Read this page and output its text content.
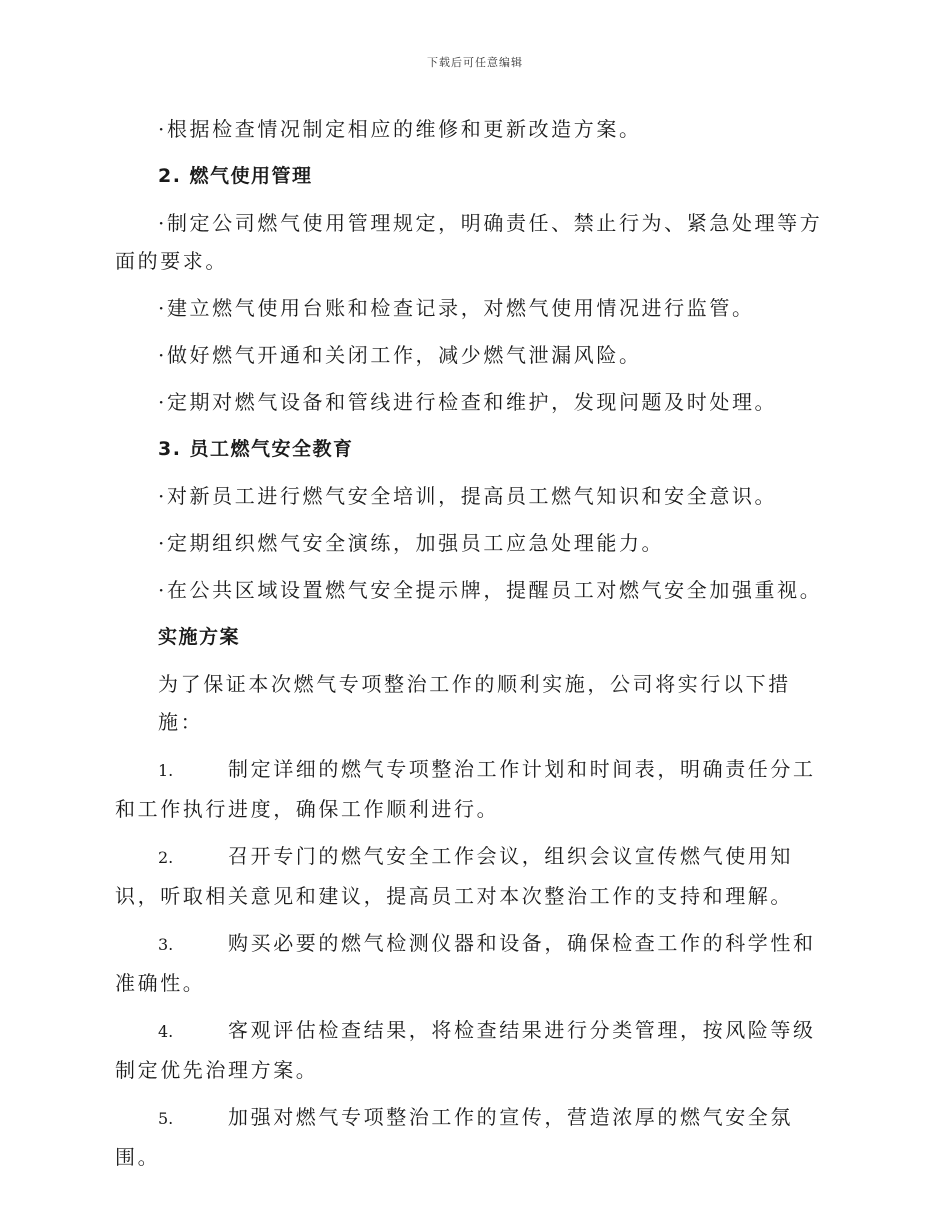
下载后可任意编辑

·根据检查情况制定相应的维修和更新改造方案。

2. 燃气使用管理

·制定公司燃气使用管理规定，明确责任、禁止行为、紧急处理等方面的要求。

·建立燃气使用台账和检查记录，对燃气使用情况进行监管。

·做好燃气开通和关闭工作，减少燃气泄漏风险。

·定期对燃气设备和管线进行检查和维护，发现问题及时处理。

3. 员工燃气安全教育

·对新员工进行燃气安全培训，提高员工燃气知识和安全意识。

·定期组织燃气安全演练，加强员工应急处理能力。

·在公共区域设置燃气安全提示牌，提醒员工对燃气安全加强重视。

实施方案

为了保证本次燃气专项整治工作的顺利实施，公司将实行以下措施：

1.	制定详细的燃气专项整治工作计划和时间表，明确责任分工和工作执行进度，确保工作顺利进行。

2.	召开专门的燃气安全工作会议，组织会议宣传燃气使用知识，听取相关意见和建议，提高员工对本次整治工作的支持和理解。

3.	购买必要的燃气检测仪器和设备，确保检查工作的科学性和准确性。

4.	客观评估检查结果，将检查结果进行分类管理，按风险等级制定优先治理方案。

5.	加强对燃气专项整治工作的宣传，营造浓厚的燃气安全氛围。
